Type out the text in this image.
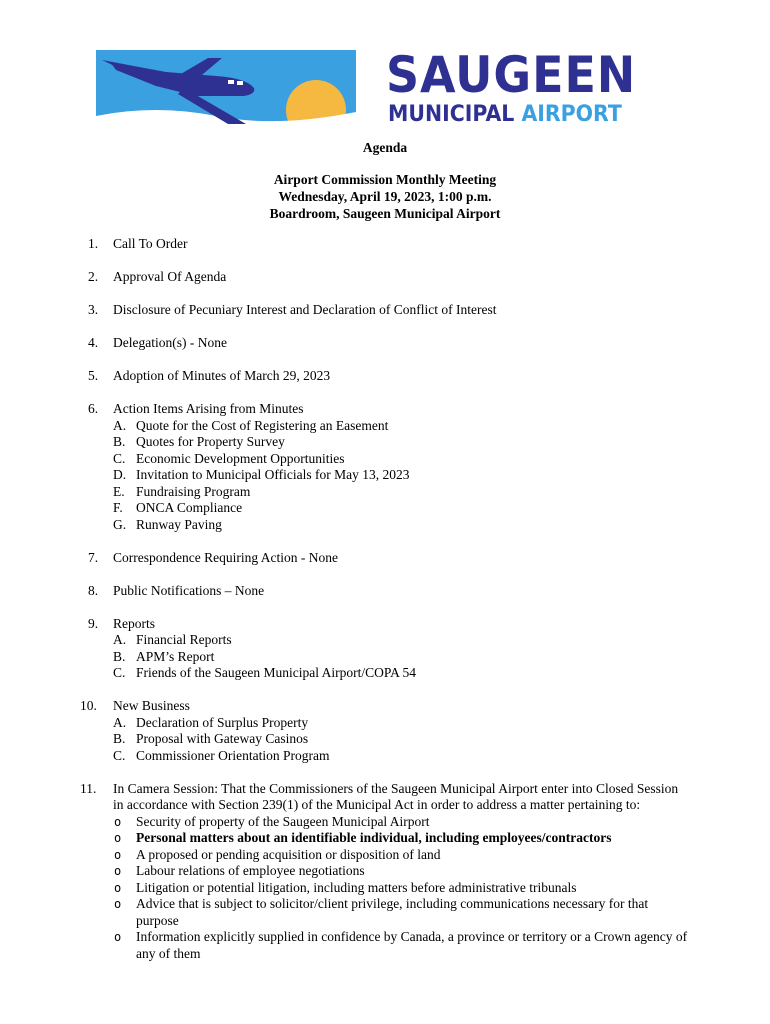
SAUGEEN
MUNICIPAL AIRPORT
Agenda
Airport Commission Monthly Meeting
Wednesday, April 19, 2023, 1:00 p.m.
Boardroom, Saugeen Municipal Airport
1. Call To Order
2. Approval Of Agenda
3. Disclosure of Pecuniary Interest and Declaration of Conflict of Interest
4. Delegation(s) - None
5. Adoption of Minutes of March 29, 2023
6. Action Items Arising from Minutes
A. Quote for the Cost of Registering an Easement
B. Quotes for Property Survey
C. Economic Development Opportunities
D. Invitation to Municipal Officials for May 13, 2023
E. Fundraising Program
F. ONCA Compliance
G. Runway Paving
7. Correspondence Requiring Action - None
8. Public Notifications – None
9. Reports
A. Financial Reports
B. APM’s Report
C. Friends of the Saugeen Municipal Airport/COPA 54
10. New Business
A. Declaration of Surplus Property
B. Proposal with Gateway Casinos
C. Commissioner Orientation Program
11. In Camera Session: That the Commissioners of the Saugeen Municipal Airport enter into Closed Session in accordance with Section 239(1) of the Municipal Act in order to address a matter pertaining to:
o Security of property of the Saugeen Municipal Airport
o Personal matters about an identifiable individual, including employees/contractors
o A proposed or pending acquisition or disposition of land
o Labour relations of employee negotiations
o Litigation or potential litigation, including matters before administrative tribunals
o Advice that is subject to solicitor/client privilege, including communications necessary for that purpose
o Information explicitly supplied in confidence by Canada, a province or territory or a Crown agency of any of them
